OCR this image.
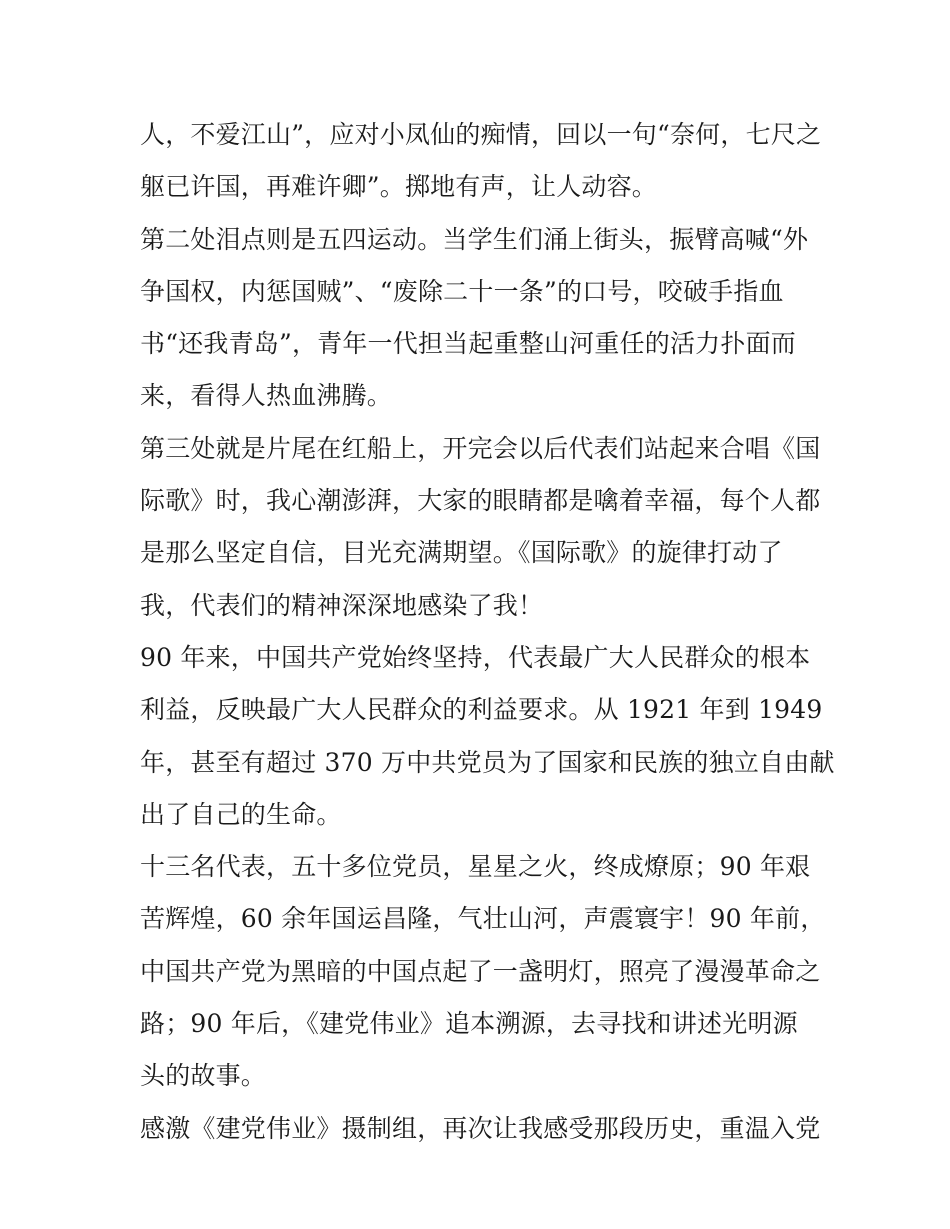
人，不爱江山”，应对小凤仙的痴情，回以一句“奈何，七尺之
躯已许国，再难许卿”。掷地有声，让人动容。
第二处泪点则是五四运动。当学生们涌上街头，振臂高喊“外
争国权，内惩国贼”、“废除二十一条”的口号，咬破手指血
书“还我青岛”，青年一代担当起重整山河重任的活力扑面而
来，看得人热血沸腾。
第三处就是片尾在红船上，开完会以后代表们站起来合唱《国
际歌》时，我心潮澎湃，大家的眼睛都是噙着幸福，每个人都
是那么坚定自信，目光充满期望。《国际歌》的旋律打动了
我，代表们的精神深深地感染了我！
90 年来，中国共产党始终坚持，代表最广大人民群众的根本
利益，反映最广大人民群众的利益要求。从 1921 年到 1949
年，甚至有超过 370 万中共党员为了国家和民族的独立自由献
出了自己的生命。
十三名代表，五十多位党员，星星之火，终成燎原；90 年艰
苦辉煌，60 余年国运昌隆，气壮山河，声震寰宇！90 年前，
中国共产党为黑暗的中国点起了一盏明灯，照亮了漫漫革命之
路；90 年后，《建党伟业》追本溯源，去寻找和讲述光明源
头的故事。
感激《建党伟业》摄制组，再次让我感受那段历史，重温入党
